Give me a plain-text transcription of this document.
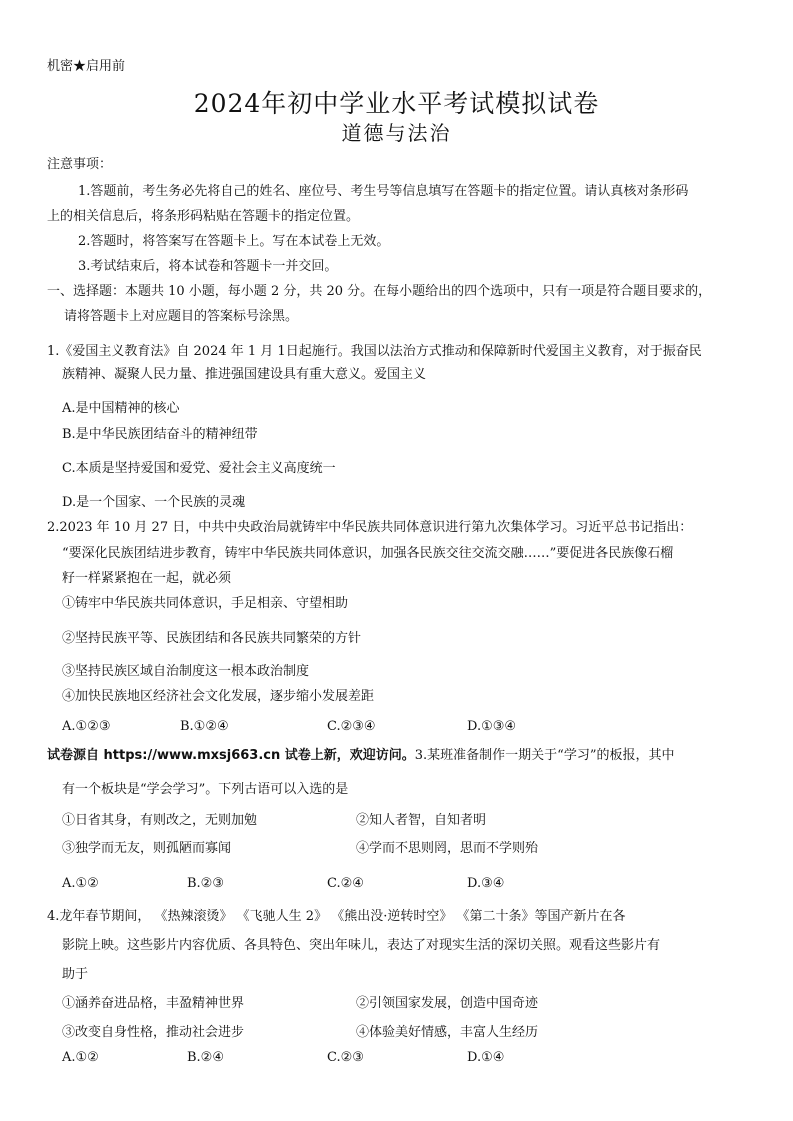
机密★启用前
2024年初中学业水平考试模拟试卷
道德与法治
注意事项：
1.答题前，考生务必先将自己的姓名、座位号、考生号等信息填写在答题卡的指定位置。请认真核对条形码
上的相关信息后，将条形码粘贴在答题卡的指定位置。
2.答题时，将答案写在答题卡上。写在本试卷上无效。
3.考试结束后，将本试卷和答题卡一并交回。
一、选择题：本题共 10 小题，每小题 2 分，共 20 分。在每小题给出的四个选项中，只有一项是符合题目要求的，
请将答题卡上对应题目的答案标号涂黑。
1.《爱国主义教育法》自 2024 年 1 月 1日起施行。我国以法治方式推动和保障新时代爱国主义教育，对于振奋民
族精神、凝聚人民力量、推进强国建设具有重大意义。爱国主义
A.是中国精神的核心
B.是中华民族团结奋斗的精神纽带
C.本质是坚持爱国和爱党、爱社会主义高度统一
D.是一个国家、一个民族的灵魂
2.2023 年 10 月 27 日，中共中央政治局就铸牢中华民族共同体意识进行第九次集体学习。习近平总书记指出：
“要深化民族团结进步教育，铸牢中华民族共同体意识，加强各民族交往交流交融……”要促进各民族像石榴
籽一样紧紧抱在一起，就必须
①铸牢中华民族共同体意识，手足相亲、守望相助
②坚持民族平等、民族团结和各民族共同繁荣的方针
③坚持民族区域自治制度这一根本政治制度
④加快民族地区经济社会文化发展，逐步缩小发展差距
A.①②③	B.①②④	C.②③④	D.①③④
试卷源自 https://www.mxsj663.cn 试卷上新，欢迎访问。3.某班准备制作一期关于“学习”的板报，其中
有一个板块是“学会学习”。下列古语可以入选的是
①日省其身，有则改之，无则加勉	②知人者智，自知者明
③独学而无友，则孤陋而寡闻	④学而不思则罔，思而不学则殆
A.①②	B.②③	C.②④	D.③④
4.龙年春节期间， 《热辣滚烫》 《飞驰人生 2》 《熊出没·逆转时空》 《第二十条》等国产新片在各
影院上映。这些影片内容优质、各具特色、突出年味儿，表达了对现实生活的深切关照。观看这些影片有
助于
①涵养奋进品格，丰盈精神世界	②引领国家发展，创造中国奇迹
③改变自身性格，推动社会进步	④体验美好情感，丰富人生经历
A.①②	B.②④	C.②③	D.①④
